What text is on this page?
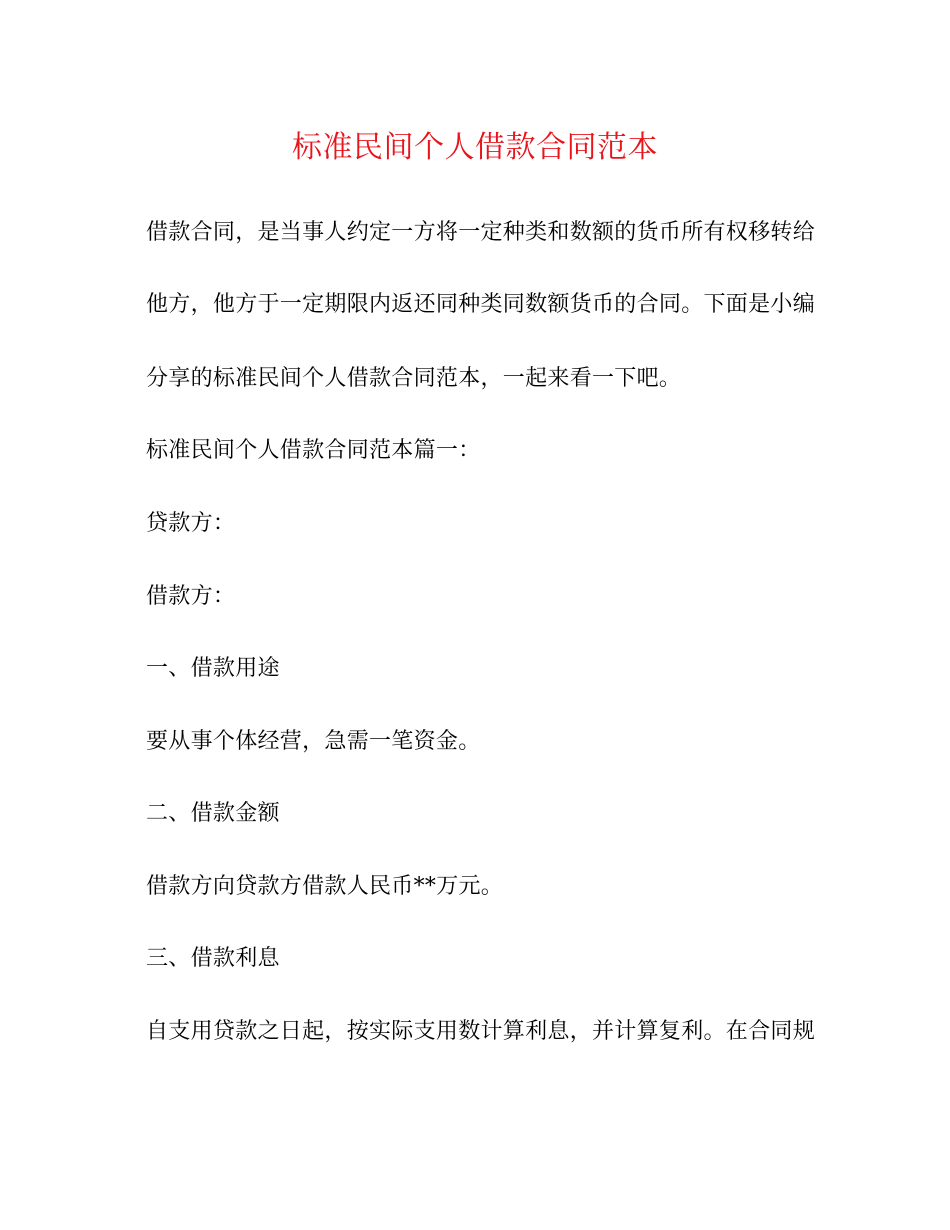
标准民间个人借款合同范本
借款合同，是当事人约定一方将一定种类和数额的货币所有权移转给
他方，他方于一定期限内返还同种类同数额货币的合同。下面是小编
分享的标准民间个人借款合同范本，一起来看一下吧。
标准民间个人借款合同范本篇一：
贷款方：
借款方：
一、借款用途
要从事个体经营，急需一笔资金。
二、借款金额
借款方向贷款方借款人民币**万元。
三、借款利息
自支用贷款之日起，按实际支用数计算利息，并计算复利。在合同规
